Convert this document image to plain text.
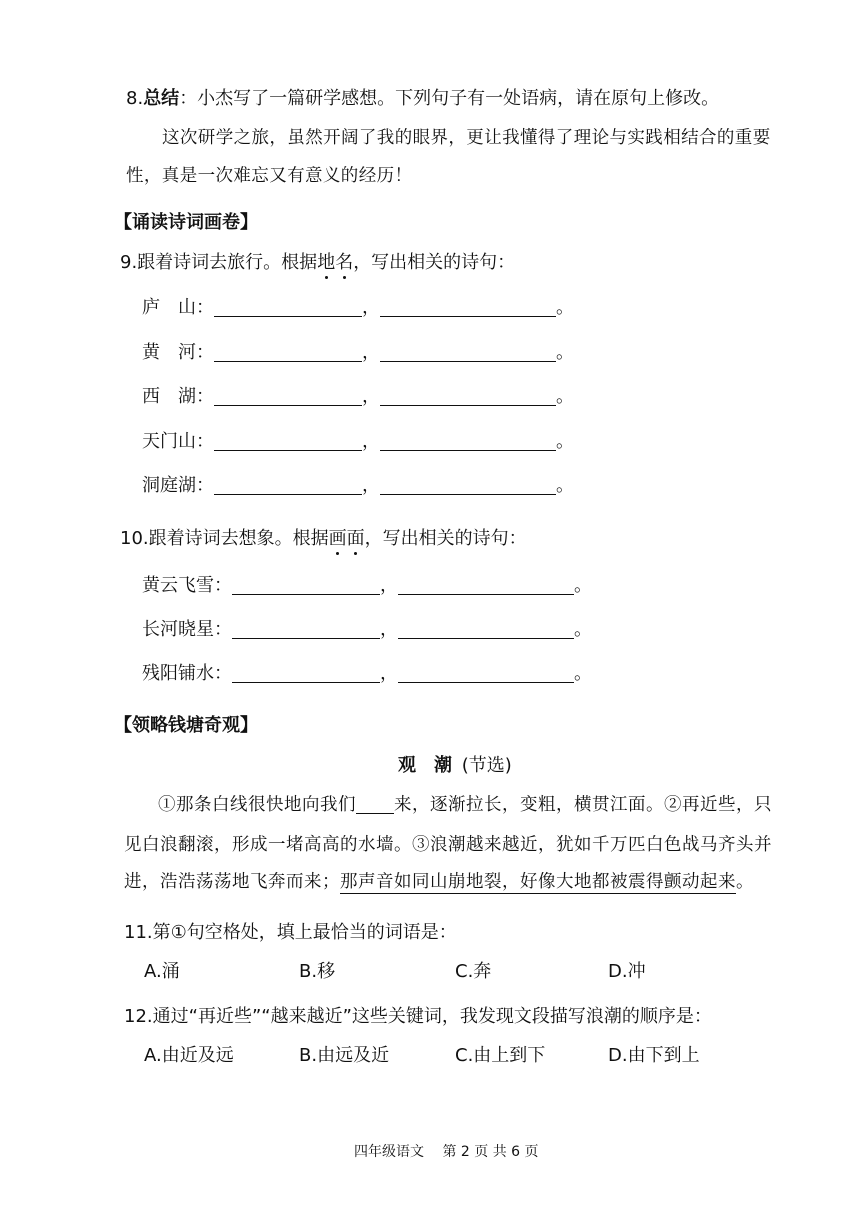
8.总结：小杰写了一篇研学感想。下列句子有一处语病，请在原句上修改。
这次研学之旅，虽然开阔了我的眼界，更让我懂得了理论与实践相结合的重要
性，真是一次难忘又有意义的经历！
【诵读诗词画卷】
9.跟着诗词去旅行。根据地名，写出相关的诗句：
庐　山：	，	。
黄　河：	，	。
西　湖：	，	。
天门山：	，	。
洞庭湖：	，	。
10.跟着诗词去想象。根据画面，写出相关的诗句：
黄云飞雪：	，	。
长河晓星：	，	。
残阳铺水：	，	。
【领略钱塘奇观】
观　潮 (节选)
①那条白线很快地向我们 来，逐渐拉长，变粗，横贯江面。②再近些，只
见白浪翻滚，形成一堵高高的水墙。③浪潮越来越近，犹如千万匹白色战马齐头并
进，浩浩荡荡地飞奔而来；那声音如同山崩地裂，好像大地都被震得颤动起来。
11.第①句空格处，填上最恰当的词语是：
A.涌	B.移	C.奔	D.冲
12.通过“再近些”“越来越近”这些关键词，我发现文段描写浪潮的顺序是：
A.由近及远	B.由远及近	C.由上到下	D.由下到上
四年级语文　 第 2 页 共 6 页
